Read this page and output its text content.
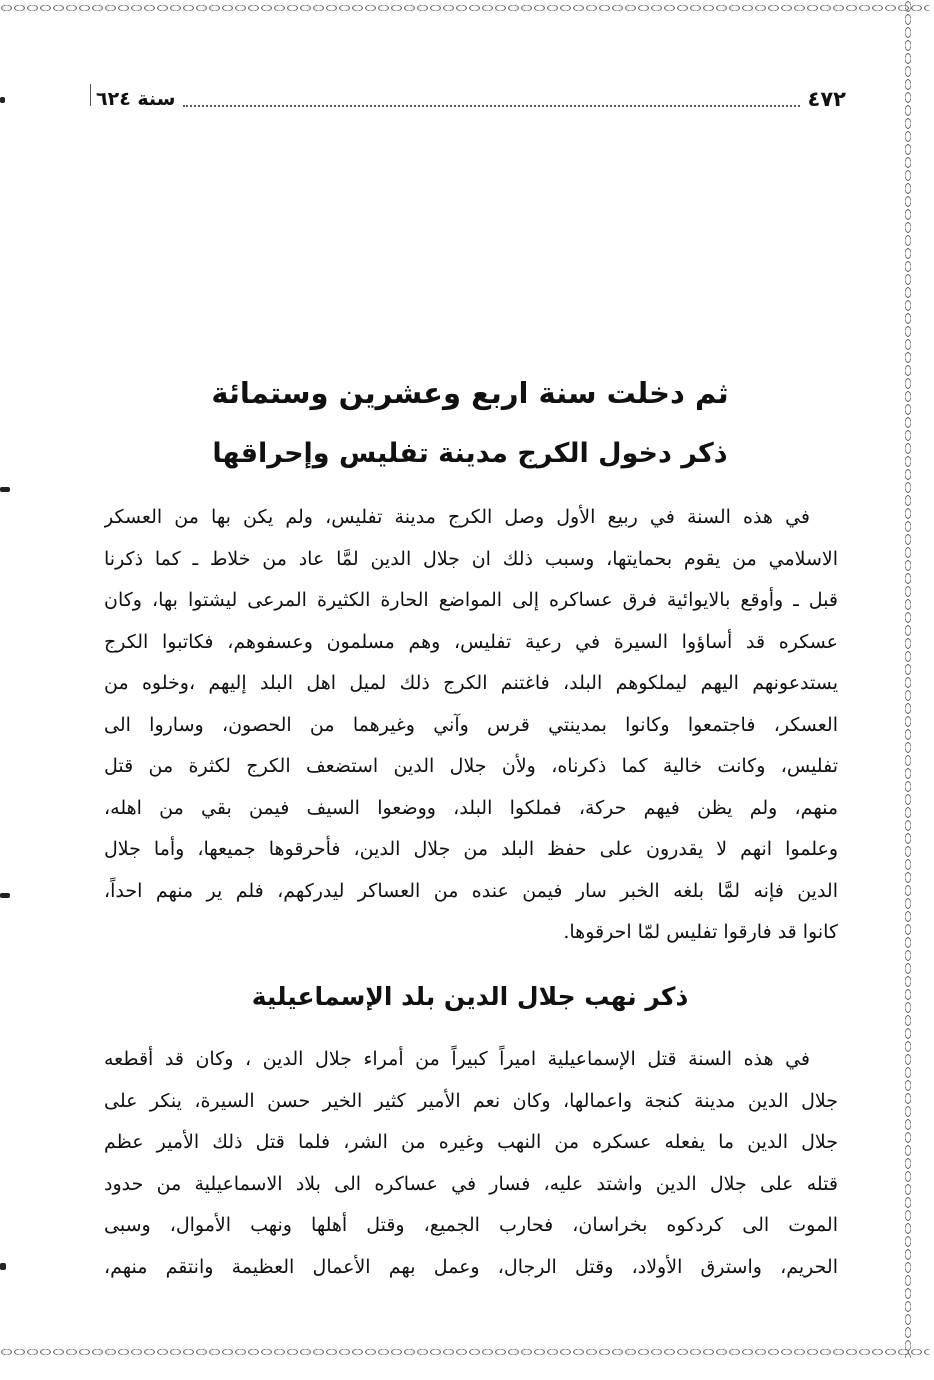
٤٧٢
سنة ٦٢٤
ثم دخلت سنة اربع وعشرين وستمائة
ذكر دخول الكرج مدينة تفليس وإحراقها
في هذه السنة في ربيع الأول وصل الكرج مدينة تفليس، ولم يكن بها من العسكر
الاسلامي من يقوم بحمايتها، وسبب ذلك ان جلال الدين لمَّا عاد من خلاط ـ كما ذكرنا
قبل ـ وأوقع بالايوائية فرق عساكره إلى المواضع الحارة الكثيرة المرعى ليشتوا بها، وكان
عسكره قد أساؤوا السيرة في رعية تفليس، وهم مسلمون وعسفوهم، فكاتبوا الكرج
يستدعونهم اليهم ليملكوهم البلد، فاغتنم الكرج ذلك لميل اهل البلد إليهم ،وخلوه من
العسكر، فاجتمعوا وكانوا بمدينتي قرس وآني وغيرهما من الحصون، وساروا الى
تفليس، وكانت خالية كما ذكرناه، ولأن جلال الدين استضعف الكرج لكثرة من قتل
منهم، ولم يظن فيهم حركة، فملكوا البلد، ووضعوا السيف فيمن بقي من اهله،
وعلموا انهم لا يقدرون على حفظ البلد من جلال الدين، فأحرقوها جميعها، وأما جلال
الدين فإنه لمَّا بلغه الخبر سار فيمن عنده من العساكر ليدركهم، فلم ير منهم احداً،
كانوا قد فارقوا تفليس لمّا احرقوها.
ذكر نهب جلال الدين بلد الإسماعيلية
في هذه السنة قتل الإسماعيلية اميراً كبيراً من أمراء جلال الدين ، وكان قد أقطعه
جلال الدين مدينة كنجة واعمالها، وكان نعم الأمير كثير الخير حسن السيرة، ينكر على
جلال الدين ما يفعله عسكره من النهب وغيره من الشر، فلما قتل ذلك الأمير عظم
قتله على جلال الدين واشتد عليه، فسار في عساكره الى بلاد الاسماعيلية من حدود
الموت الى كردكوه بخراسان، فحارب الجميع، وقتل أهلها ونهب الأموال، وسبى
الحريم، واسترق الأولاد، وقتل الرجال، وعمل بهم الأعمال العظيمة وانتقم منهم،
